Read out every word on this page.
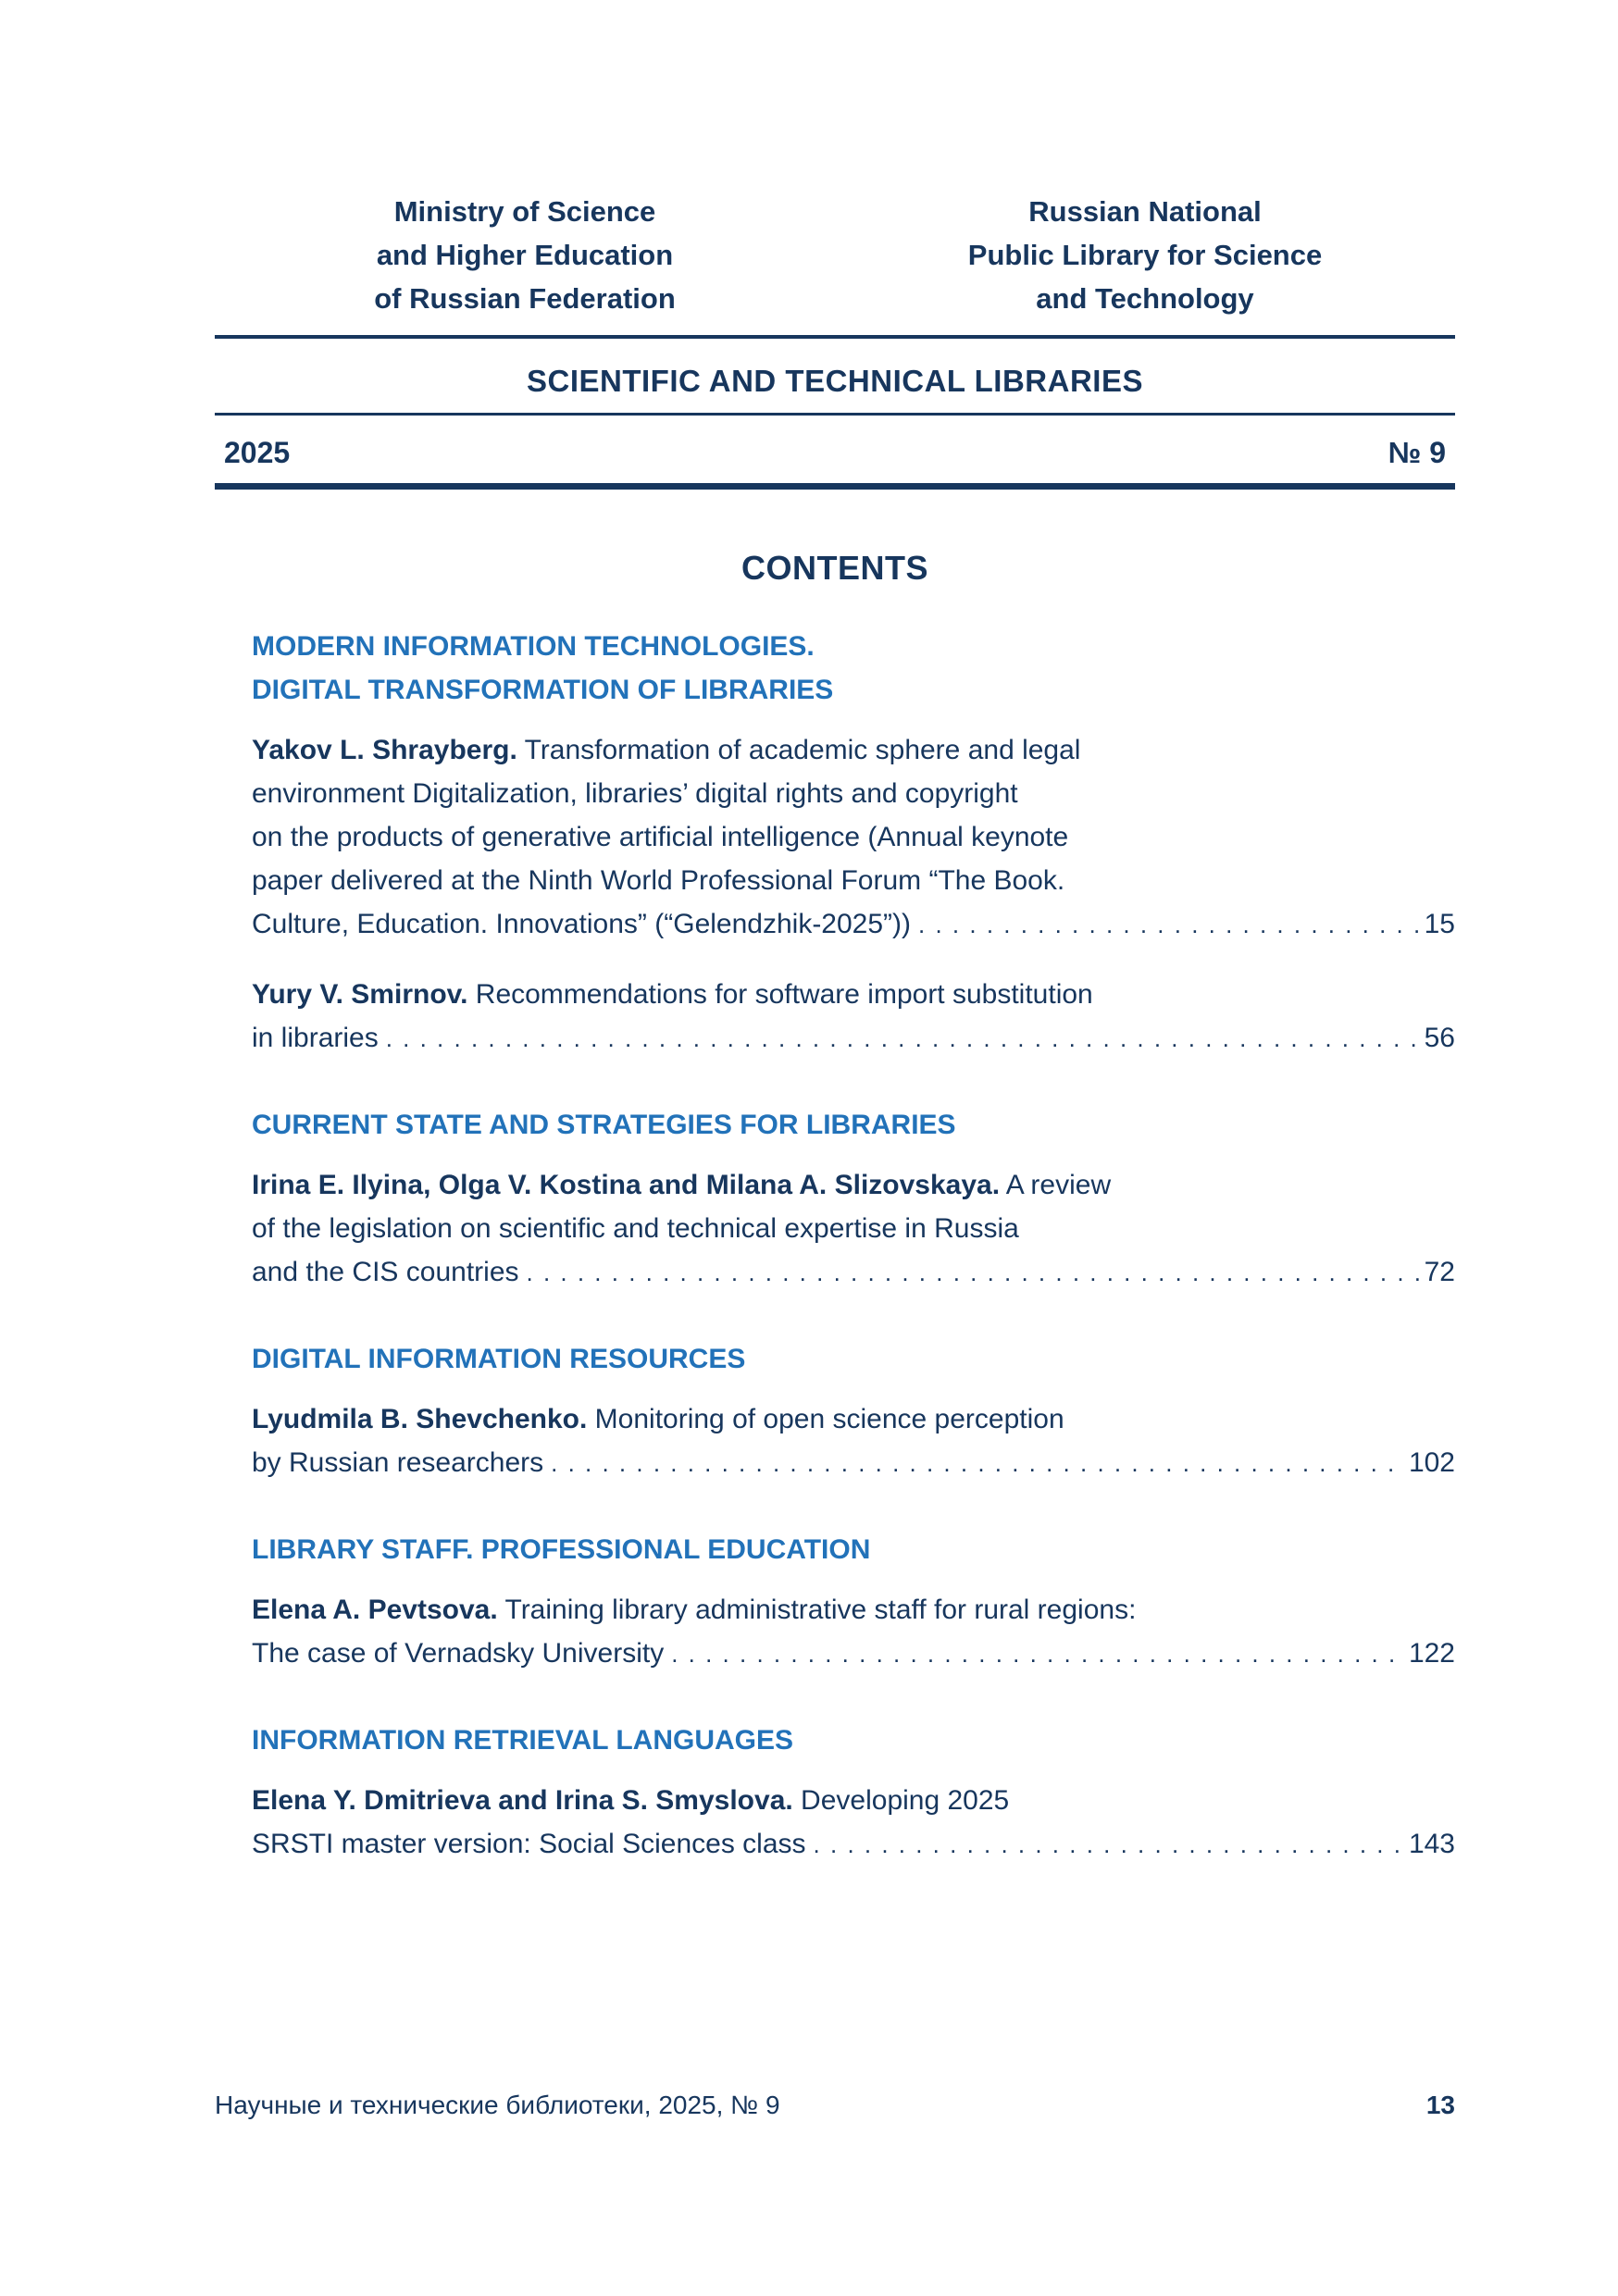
Ministry of Science
and Higher Education
of Russian Federation
Russian National
Public Library for Science
and Technology
SCIENTIFIC AND TECHNICAL LIBRARIES
2025	№ 9
CONTENTS
MODERN INFORMATION TECHNOLOGIES.
DIGITAL TRANSFORMATION OF LIBRARIES
Yakov L. Shrayberg. Transformation of academic sphere and legal
environment Digitalization, libraries’ digital rights and copyright
on the products of generative artificial intelligence (Annual keynote
paper delivered at the Ninth World Professional Forum “The Book.
Culture, Education. Innovations” (“Gelendzhik-2025”)) . . .	15
Yury V. Smirnov. Recommendations for software import substitution
in libraries . . .	56
CURRENT STATE AND STRATEGIES FOR LIBRARIES
Irina E. Ilyina, Olga V. Kostina and Milana A. Slizovskaya. A review
of the legislation on scientific and technical expertise in Russia
and the CIS countries . . .	72
DIGITAL INFORMATION RESOURCES
Lyudmila B. Shevchenko. Monitoring of open science perception
by Russian researchers . . .	102
LIBRARY STAFF. PROFESSIONAL EDUCATION
Elena A. Pevtsova. Training library administrative staff for rural regions:
The case of Vernadsky University . . .	122
INFORMATION RETRIEVAL LANGUAGES
Elena Y. Dmitrieva and Irina S. Smyslova. Developing 2025
SRSTI master version: Social Sciences class . . .	143
Научные и технические библиотеки, 2025, № 9	13
